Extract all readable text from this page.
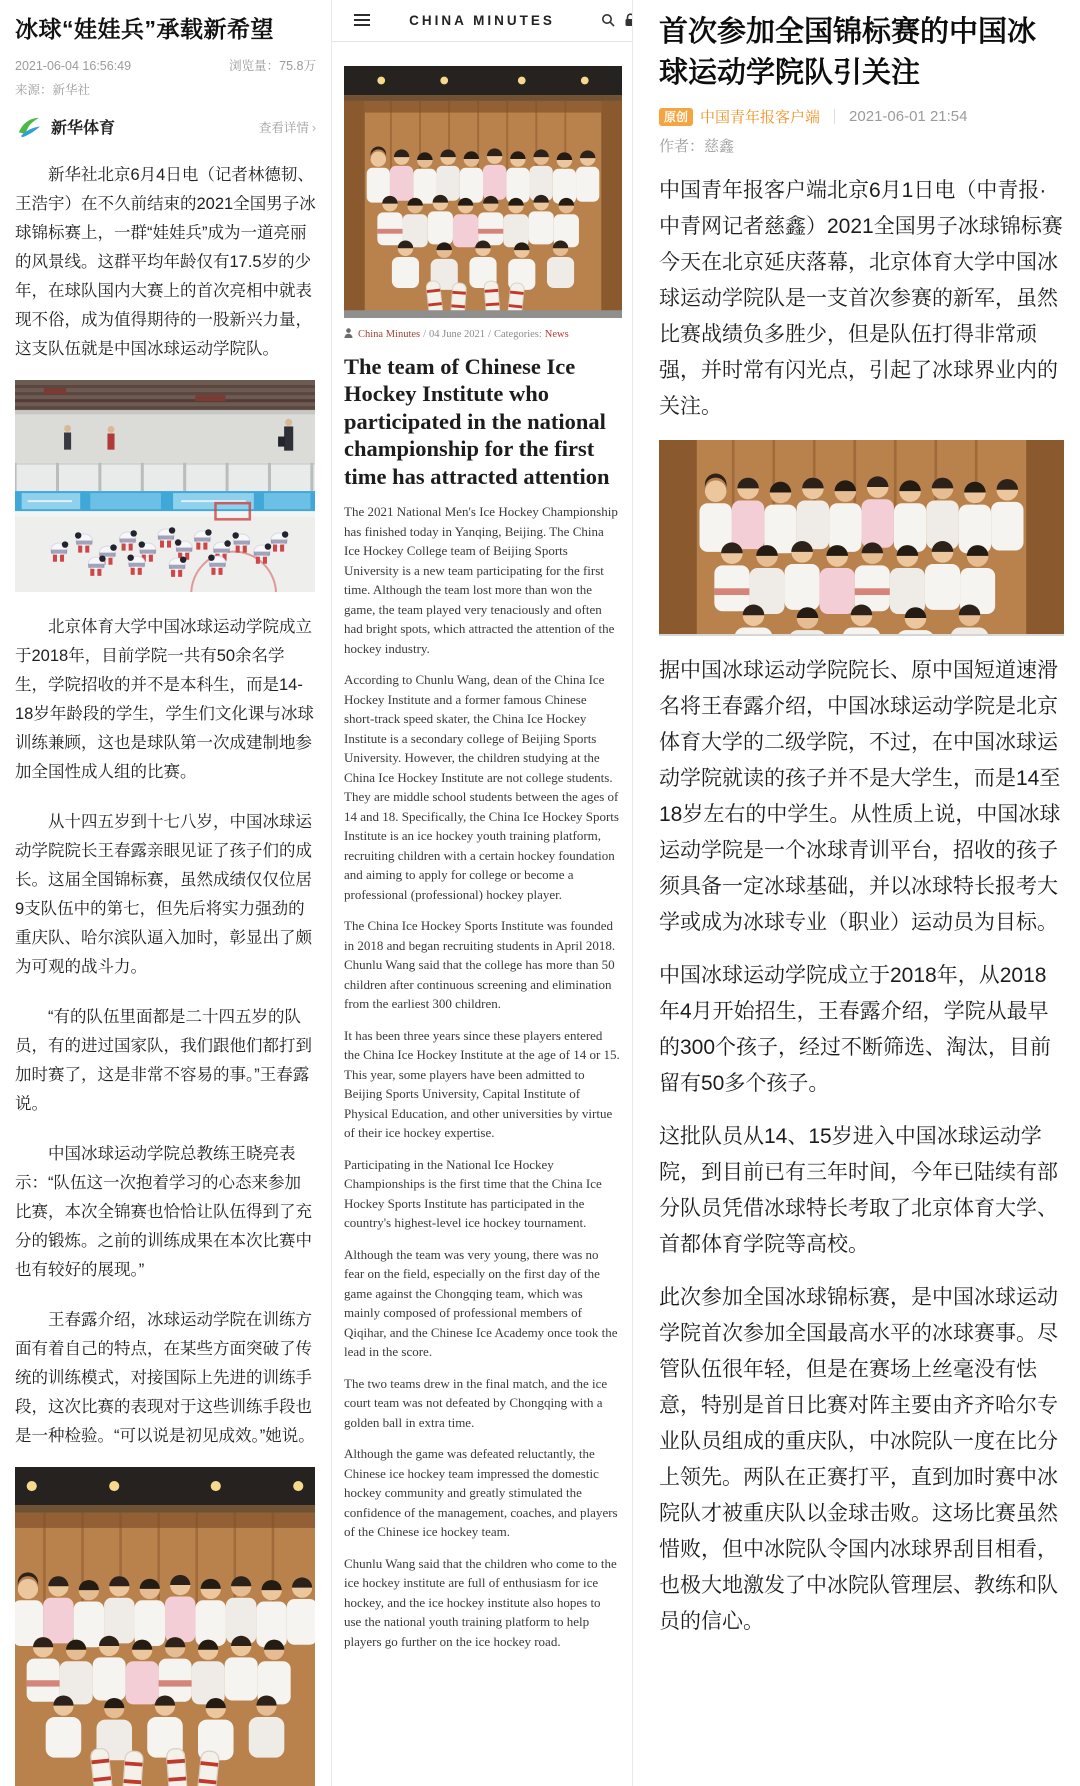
冰球“娃娃兵”承载新希望
2021-06-04 16:56:49	浏览量：75.8万
来源：新华社
新华体育	查看详情 ›

新华社北京6月4日电（记者林德韧、王浩宇）在不久前结束的2021全国男子冰球锦标赛上，一群“娃娃兵”成为一道亮丽的风景线。这群平均年龄仅有17.5岁的少年，在球队国内大赛上的首次亮相中就表现不俗，成为值得期待的一股新兴力量，这支队伍就是中国冰球运动学院队。

北京体育大学中国冰球运动学院成立于2018年，目前学院一共有50余名学生，学院招收的并不是本科生，而是14-18岁年龄段的学生，学生们文化课与冰球训练兼顾，这也是球队第一次成建制地参加全国性成人组的比赛。

从十四五岁到十七八岁，中国冰球运动学院院长王春露亲眼见证了孩子们的成长。这届全国锦标赛，虽然成绩仅仅位居9支队伍中的第七，但先后将实力强劲的重庆队、哈尔滨队逼入加时，彰显出了颇为可观的战斗力。

“有的队伍里面都是二十四五岁的队员，有的进过国家队，我们跟他们都打到加时赛了，这是非常不容易的事。”王春露说。

中国冰球运动学院总教练王晓亮表示：“队伍这一次抱着学习的心态来参加比赛，本次全锦赛也恰恰让队伍得到了充分的锻炼。之前的训练成果在本次比赛中也有较好的展现。”

王春露介绍，冰球运动学院在训练方面有着自己的特点，在某些方面突破了传统的训练模式，对接国际上先进的训练手段，这次比赛的表现对于这些训练手段也是一种检验。“可以说是初见成效。”她说。

CHINA MINUTES
China Minutes / 04 June 2021 / Categories: News
The team of Chinese Ice Hockey Institute who participated in the national championship for the first time has attracted attention

The 2021 National Men's Ice Hockey Championship has finished today in Yanqing, Beijing. The China Ice Hockey College team of Beijing Sports University is a new team participating for the first time. Although the team lost more than won the game, the team played very tenaciously and often had bright spots, which attracted the attention of the hockey industry.

According to Chunlu Wang, dean of the China Ice Hockey Institute and a former famous Chinese short-track speed skater, the China Ice Hockey Institute is a secondary college of Beijing Sports University. However, the children studying at the China Ice Hockey Institute are not college students. They are middle school students between the ages of 14 and 18. Specifically, the China Ice Hockey Sports Institute is an ice hockey youth training platform, recruiting children with a certain hockey foundation and aiming to apply for college or become a professional (professional) hockey player.

The China Ice Hockey Sports Institute was founded in 2018 and began recruiting students in April 2018. Chunlu Wang said that the college has more than 50 children after continuous screening and elimination from the earliest 300 children.

It has been three years since these players entered the China Ice Hockey Institute at the age of 14 or 15. This year, some players have been admitted to Beijing Sports University, Capital Institute of Physical Education, and other universities by virtue of their ice hockey expertise.

Participating in the National Ice Hockey Championships is the first time that the China Ice Hockey Sports Institute has participated in the country's highest-level ice hockey tournament.

Although the team was very young, there was no fear on the field, especially on the first day of the game against the Chongqing team, which was mainly composed of professional members of Qiqihar, and the Chinese Ice Academy once took the lead in the score.

The two teams drew in the final match, and the ice court team was not defeated by Chongqing with a golden ball in extra time.

Although the game was defeated reluctantly, the Chinese ice hockey team impressed the domestic hockey community and greatly stimulated the confidence of the management, coaches, and players of the Chinese ice hockey team.

Chunlu Wang said that the children who come to the ice hockey institute are full of enthusiasm for ice hockey, and the ice hockey institute also hopes to use the national youth training platform to help players go further on the ice hockey road.

首次参加全国锦标赛的中国冰球运动学院队引关注
原创 中国青年报客户端 ｜ 2021-06-01 21:54
作者：慈鑫

中国青年报客户端北京6月1日电（中青报·中青网记者慈鑫）2021全国男子冰球锦标赛今天在北京延庆落幕，北京体育大学中国冰球运动学院队是一支首次参赛的新军，虽然比赛战绩负多胜少，但是队伍打得非常顽强，并时常有闪光点，引起了冰球界业内的关注。

据中国冰球运动学院院长、原中国短道速滑名将王春露介绍，中国冰球运动学院是北京体育大学的二级学院，不过，在中国冰球运动学院就读的孩子并不是大学生，而是14至18岁左右的中学生。从性质上说，中国冰球运动学院是一个冰球青训平台，招收的孩子须具备一定冰球基础，并以冰球特长报考大学或成为冰球专业（职业）运动员为目标。

中国冰球运动学院成立于2018年，从2018年4月开始招生，王春露介绍，学院从最早的300个孩子，经过不断筛选、淘汰，目前留有50多个孩子。

这批队员从14、15岁进入中国冰球运动学院，到目前已有三年时间，今年已陆续有部分队员凭借冰球特长考取了北京体育大学、首都体育学院等高校。

此次参加全国冰球锦标赛，是中国冰球运动学院首次参加全国最高水平的冰球赛事。尽管队伍很年轻，但是在赛场上丝毫没有怯意，特别是首日比赛对阵主要由齐齐哈尔专业队员组成的重庆队，中冰院队一度在比分上领先。两队在正赛打平，直到加时赛中冰院队才被重庆队以金球击败。这场比赛虽然惜败，但中冰院队令国内冰球界刮目相看，也极大地激发了中冰院队管理层、教练和队员的信心。
